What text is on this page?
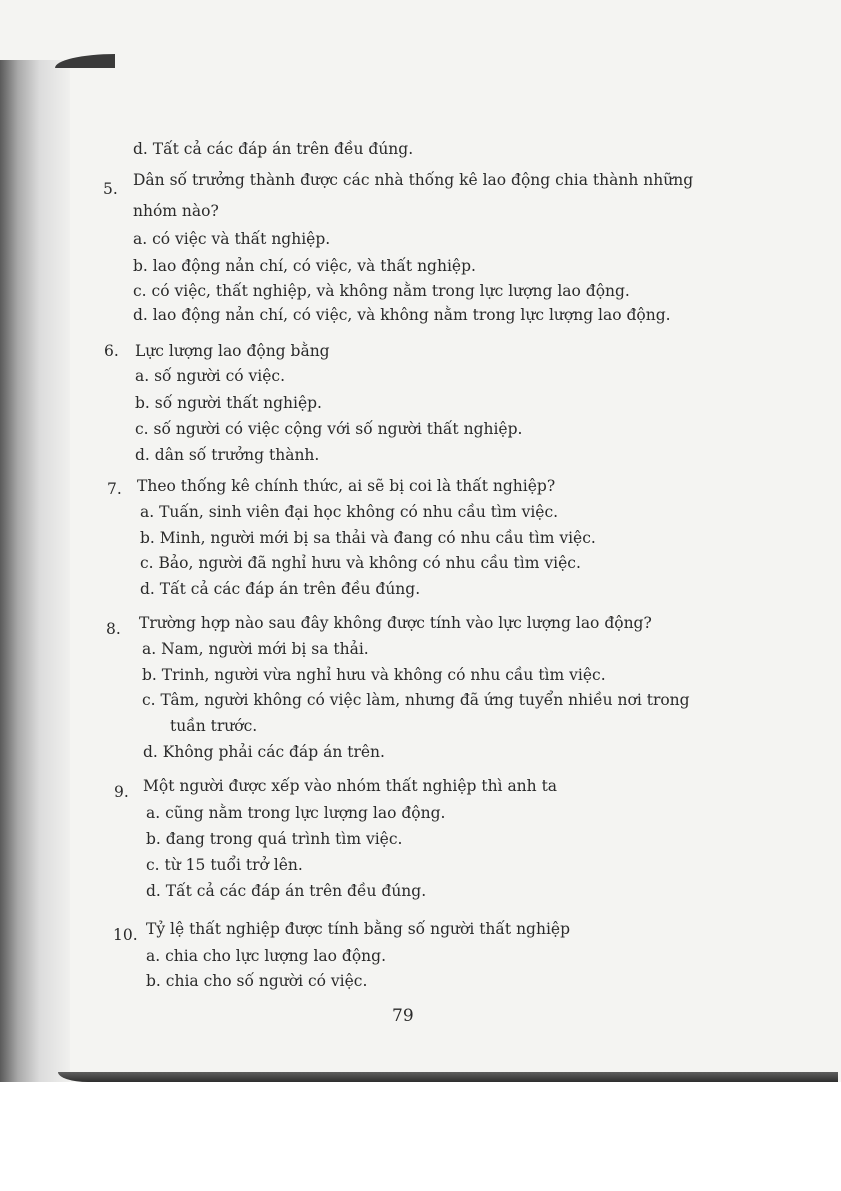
d. Tất cả các đáp án trên đều đúng.
5. Dân số trưởng thành được các nhà thống kê lao động chia thành những
nhóm nào?
a. có việc và thất nghiệp.
b. lao động nản chí, có việc, và thất nghiệp.
c. có việc, thất nghiệp, và không nằm trong lực lượng lao động.
d. lao động nản chí, có việc, và không nằm trong lực lượng lao động.
6. Lực lượng lao động bằng
a. số người có việc.
b. số người thất nghiệp.
c. số người có việc cộng với số người thất nghiệp.
d. dân số trưởng thành.
7. Theo thống kê chính thức, ai sẽ bị coi là thất nghiệp?
a. Tuấn, sinh viên đại học không có nhu cầu tìm việc.
b. Minh, người mới bị sa thải và đang có nhu cầu tìm việc.
c. Bảo, người đã nghỉ hưu và không có nhu cầu tìm việc.
d. Tất cả các đáp án trên đều đúng.
8. Trường hợp nào sau đây không được tính vào lực lượng lao động?
a. Nam, người mới bị sa thải.
b. Trinh, người vừa nghỉ hưu và không có nhu cầu tìm việc.
c. Tâm, người không có việc làm, nhưng đã ứng tuyển nhiều nơi trong
tuần trước.
d. Không phải các đáp án trên.
9. Một người được xếp vào nhóm thất nghiệp thì anh ta
a. cũng nằm trong lực lượng lao động.
b. đang trong quá trình tìm việc.
c. từ 15 tuổi trở lên.
d. Tất cả các đáp án trên đều đúng.
10. Tỷ lệ thất nghiệp được tính bằng số người thất nghiệp
a. chia cho lực lượng lao động.
b. chia cho số người có việc.
79
